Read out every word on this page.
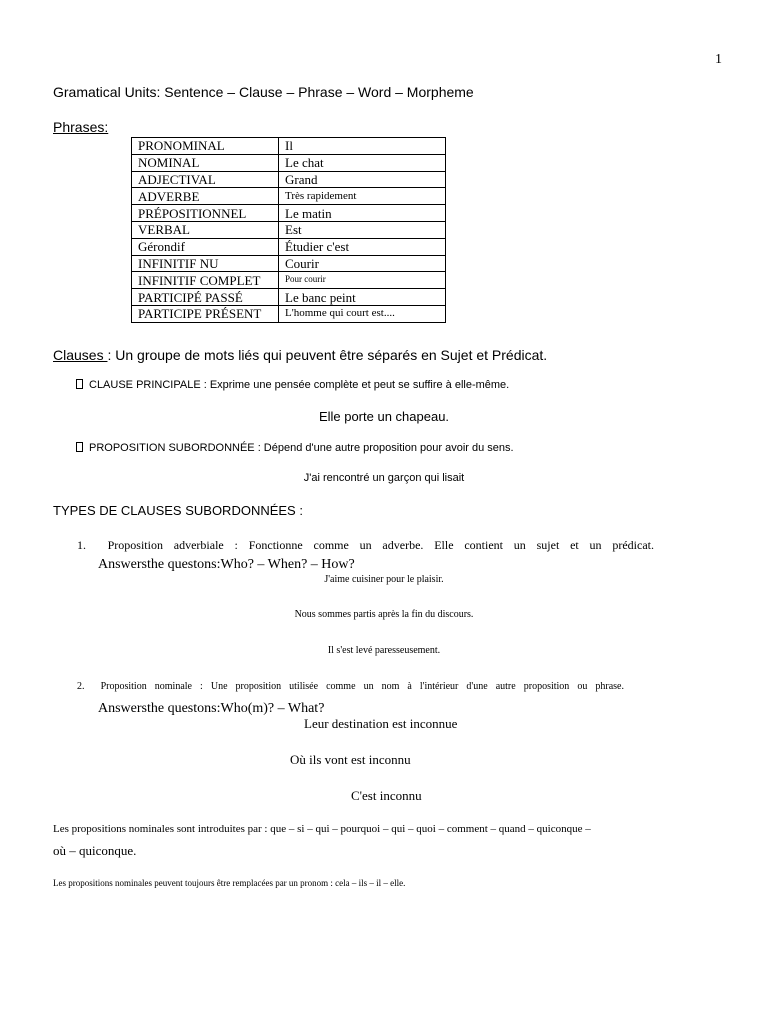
1
Gramatical Units: Sentence – Clause – Phrase – Word – Morpheme
Phrases:
PRONOMINAL	Il
NOMINAL	Le chat
ADJECTIVAL	Grand
ADVERBE	Très rapidement
PRÉPOSITIONNEL	Le matin
VERBAL	Est
Gérondif	Étudier c'est
INFINITIF NU	Courir
INFINITIF COMPLET	Pour courir
PARTICIPÉ PASSÉ	Le banc peint
PARTICIPE PRÉSENT	L'homme qui court est....
Clauses : Un groupe de mots liés qui peuvent être séparés en Sujet et Prédicat.
CLAUSE PRINCIPALE : Exprime une pensée complète et peut se suffire à elle-même.
Elle porte un chapeau.
PROPOSITION SUBORDONNÉE : Dépend d'une autre proposition pour avoir du sens.
J'ai rencontré un garçon qui lisait
TYPES DE CLAUSES SUBORDONNÉES :
1. Proposition adverbiale : Fonctionne comme un adverbe. Elle contient un sujet et un prédicat.
Answersthe questons:Who? – When? – How?
J'aime cuisiner pour le plaisir.
Nous sommes partis après la fin du discours.
Il s'est levé paresseusement.
2. Proposition nominale : Une proposition utilisée comme un nom à l'intérieur d'une autre proposition ou phrase.
Answersthe questons:Who(m)? – What?
Leur destination est inconnue
Où ils vont est inconnu
C'est inconnu
Les propositions nominales sont introduites par : que – si – qui – pourquoi – qui – quoi – comment – quand – quiconque –
où – quiconque.
Les propositions nominales peuvent toujours être remplacées par un pronom : cela – ils – il – elle.
